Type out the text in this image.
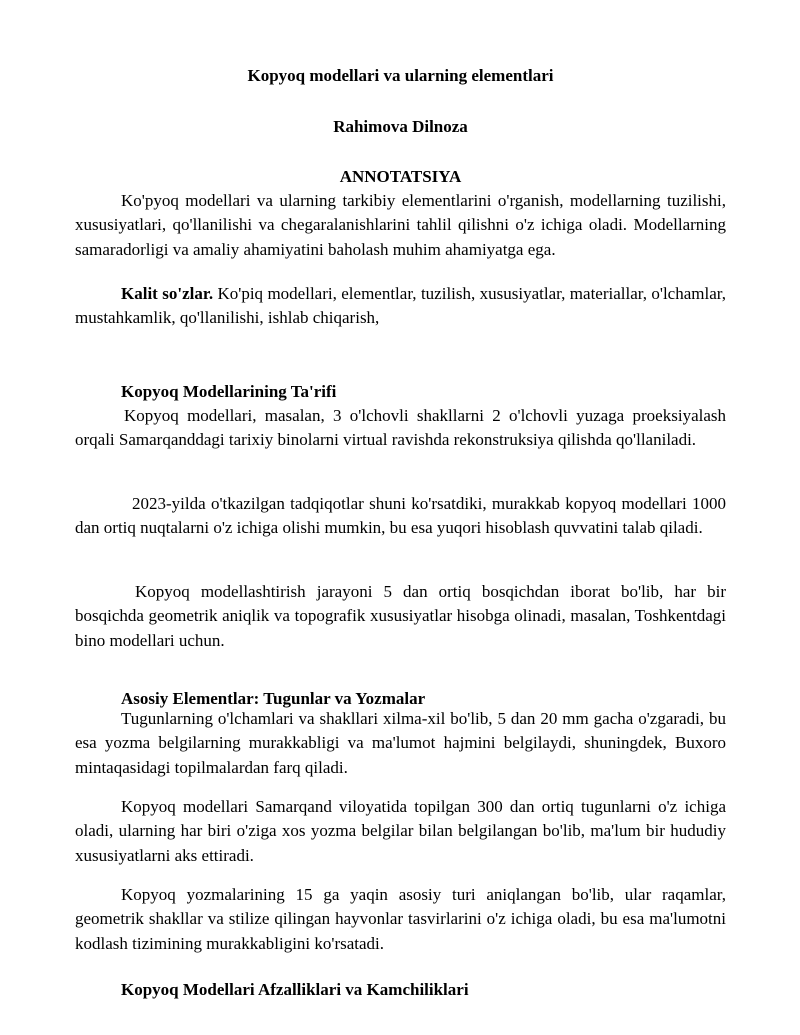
Kopyoq modellari va ularning elementlari

Rahimova Dilnoza

ANNOTATSIYA

Ko'pyoq modellari va ularning tarkibiy elementlarini o'rganish, modellarning tuzilishi, xususiyatlari, qo'llanilishi va chegaralanishlarini tahlil qilishni o'z ichiga oladi. Modellarning samaradorligi va amaliy ahamiyatini baholash muhim ahamiyatga ega.

Kalit so'zlar. Ko'piq modellari, elementlar, tuzilish, xususiyatlar, materiallar, o'lchamlar, mustahkamlik, qo'llanilishi, ishlab chiqarish,

Kopyoq Modellarining Ta'rifi

Kopyoq modellari, masalan, 3 o'lchovli shakllarni 2 o'lchovli yuzaga proeksiyalash orqali Samarqanddagi tarixiy binolarni virtual ravishda rekonstruksiya qilishda qo'llaniladi.

2023-yilda o'tkazilgan tadqiqotlar shuni ko'rsatdiki, murakkab kopyoq modellari 1000 dan ortiq nuqtalarni o'z ichiga olishi mumkin, bu esa yuqori hisoblash quvvatini talab qiladi.

Kopyoq modellashtirish jarayoni 5 dan ortiq bosqichdan iborat bo'lib, har bir bosqichda geometrik aniqlik va topografik xususiyatlar hisobga olinadi, masalan, Toshkentdagi bino modellari uchun.

Asosiy Elementlar: Tugunlar va Yozmalar

Tugunlarning o'lchamlari va shakllari xilma-xil bo'lib, 5 dan 20 mm gacha o'zgaradi, bu esa yozma belgilarning murakkabligi va ma'lumot hajmini belgilaydi, shuningdek, Buxoro mintaqasidagi topilmalardan farq qiladi.

Kopyoq modellari Samarqand viloyatida topilgan 300 dan ortiq tugunlarni o'z ichiga oladi, ularning har biri o'ziga xos yozma belgilar bilan belgilangan bo'lib, ma'lum bir hududiy xususiyatlarni aks ettiradi.

Kopyoq yozmalarining 15 ga yaqin asosiy turi aniqlangan bo'lib, ular raqamlar, geometrik shakllar va stilize qilingan hayvonlar tasvirlarini o'z ichiga oladi, bu esa ma'lumotni kodlash tizimining murakkabligini ko'rsatadi.

Kopyoq Modellari Afzalliklari va Kamchiliklari
